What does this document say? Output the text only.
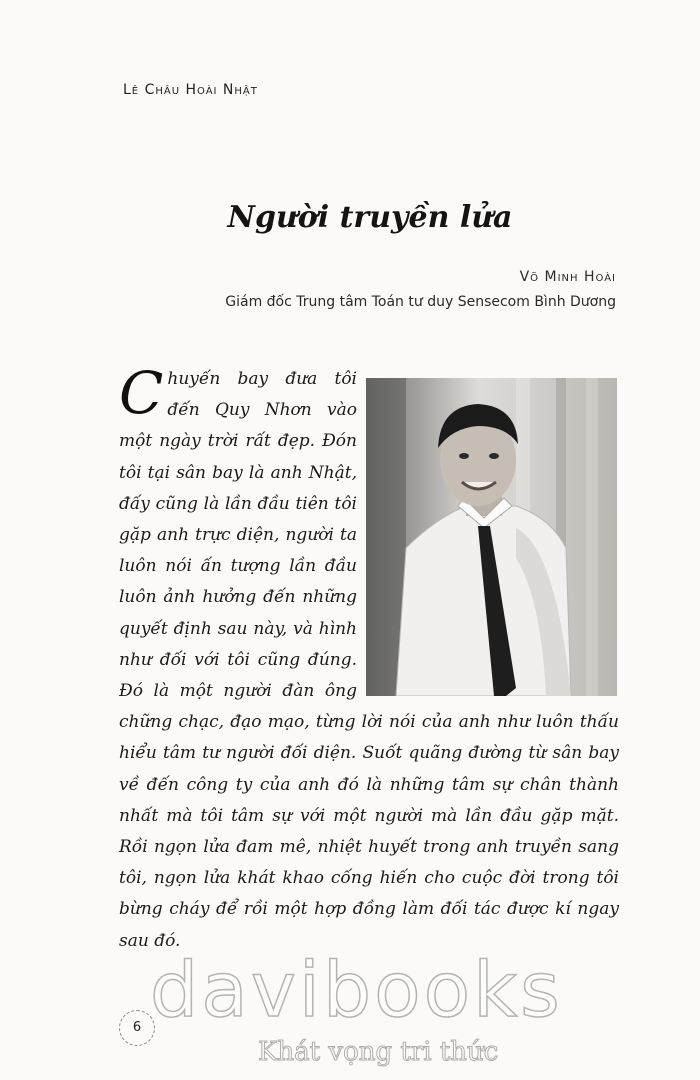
Lê Châu Hoài Nhật
Người truyền lửa
Võ Minh Hoài
Giám đốc Trung tâm Toán tư duy Sensecom Bình Dương

Chuyến bay đưa tôi đến Quy Nhơn vào một ngày trời rất đẹp. Đón tôi tại sân bay là anh Nhật, đấy cũng là lần đầu tiên tôi gặp anh trực diện, người ta luôn nói ấn tượng lần đầu luôn ảnh hưởng đến những quyết định sau này, và hình như đối với tôi cũng đúng. Đó là một người đàn ông chững chạc, đạo mạo, từng lời nói của anh như luôn thấu hiểu tâm tư người đối diện. Suốt quãng đường từ sân bay về đến công ty của anh đó là những tâm sự chân thành nhất mà tôi tâm sự với một người mà lần đầu gặp mặt. Rồi ngọn lửa đam mê, nhiệt huyết trong anh truyền sang tôi, ngọn lửa khát khao cống hiến cho cuộc đời trong tôi bừng cháy để rồi một hợp đồng làm đối tác được kí ngay sau đó.

6 davibooks
Khát vọng tri thức
